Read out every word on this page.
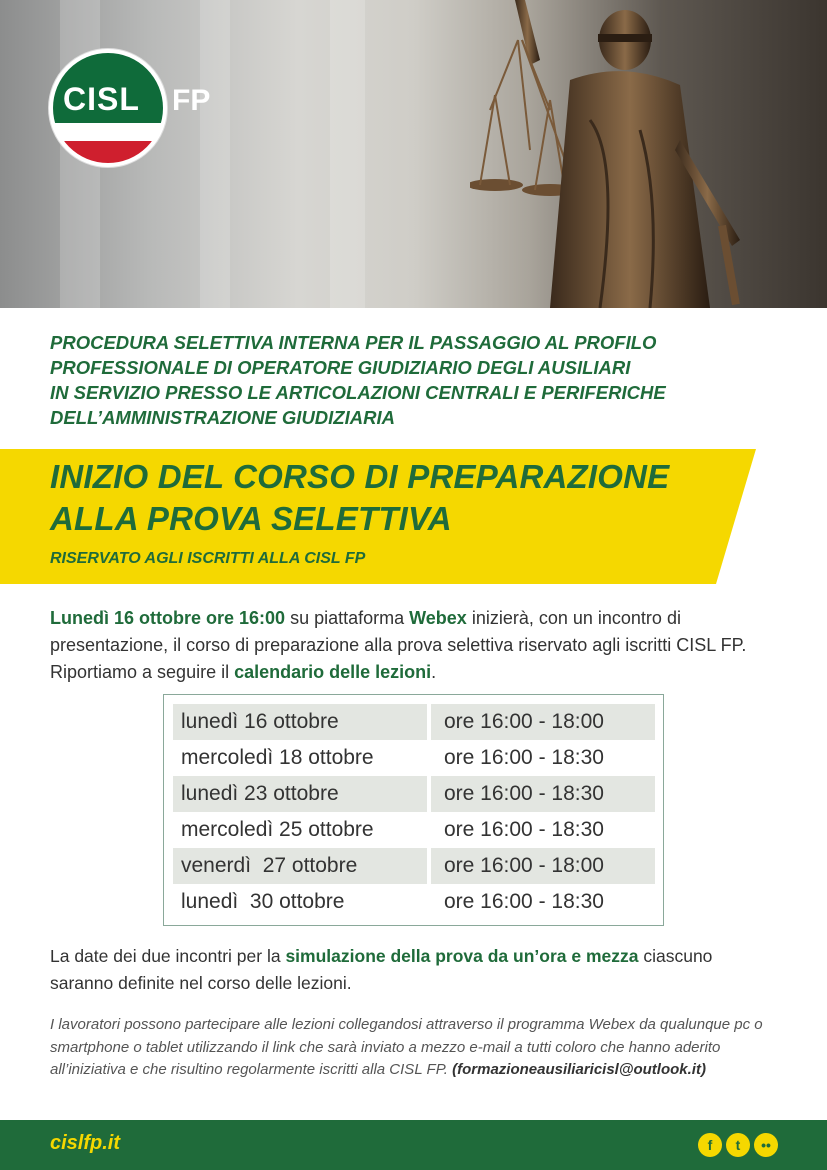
CISL FP
PROCEDURA SELETTIVA INTERNA PER IL PASSAGGIO AL PROFILO
PROFESSIONALE DI OPERATORE GIUDIZIARIO DEGLI AUSILIARI
IN SERVIZIO PRESSO LE ARTICOLAZIONI CENTRALI E PERIFERICHE
DELL’AMMINISTRAZIONE GIUDIZIARIA
INIZIO DEL CORSO DI PREPARAZIONE
ALLA PROVA SELETTIVA
RISERVATO AGLI ISCRITTI ALLA CISL FP
Lunedì 16 ottobre ore 16:00 su piattaforma Webex inizierà, con un incontro di presentazione, il corso di preparazione alla prova selettiva riservato agli iscritti CISL FP. Riportiamo a seguire il calendario delle lezioni.
lunedì 16 ottobre	ore 16:00 - 18:00
mercoledì 18 ottobre	ore 16:00 - 18:30
lunedì 23 ottobre	ore 16:00 - 18:30
mercoledì 25 ottobre	ore 16:00 - 18:30
venerdì  27 ottobre	ore 16:00 - 18:00
lunedì  30 ottobre	ore 16:00 - 18:30
La date dei due incontri per la simulazione della prova da un’ora e mezza ciascuno saranno definite nel corso delle lezioni.
I lavoratori possono partecipare alle lezioni collegandosi attraverso il programma Webex da qualunque pc o smartphone o tablet utilizzando il link che sarà inviato a mezzo e-mail a tutti coloro che hanno aderito all’iniziativa e che risultino regolarmente iscritti alla CISL FP. (formazioneausiliaricisl@outlook.it)
cislfp.it	f	t	••
